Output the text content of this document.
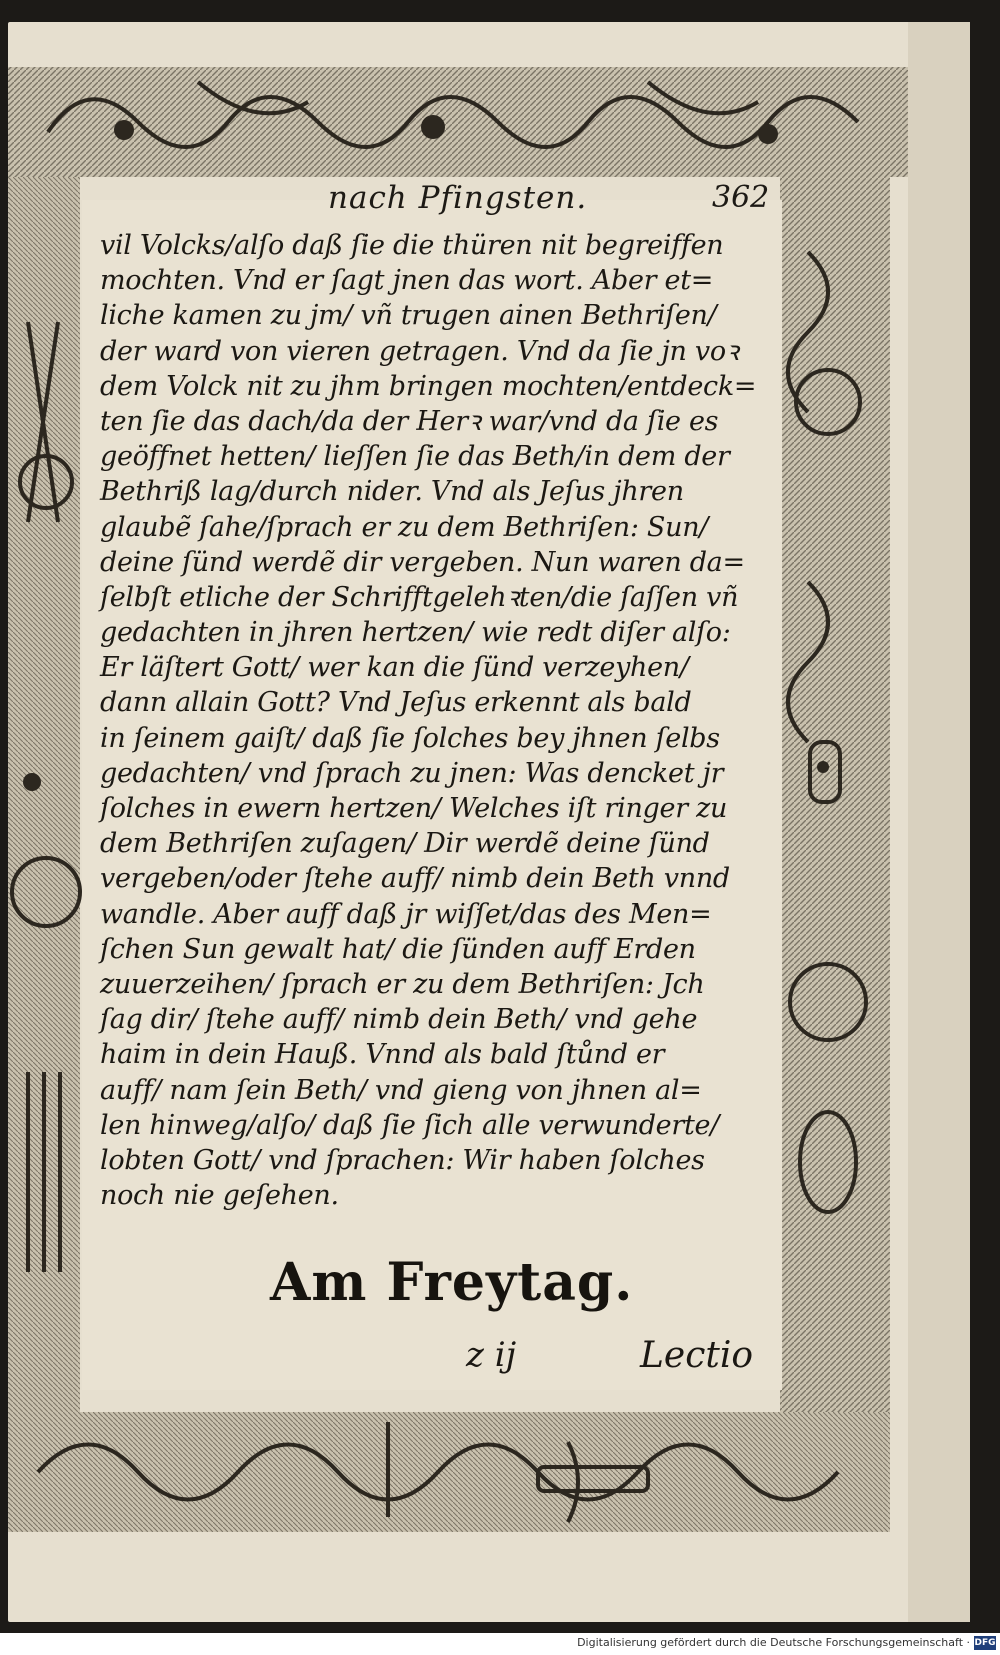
nach Pfingsten.	362
vil Volcks/alſo daß ſie die thüren nit begreiffen
mochten. Vnd er ſagt jnen das wort. Aber et=
liche kamen zu jm/ vñ trugen ainen Bethriſen/
der ward von vieren getragen. Vnd da ſie jn voꝛ
dem Volck nit zu jhm bringen mochten/entdeck=
ten ſie das dach/da der Herꝛ war/vnd da ſie es
geöffnet hetten/ lieſſen ſie das Beth/in dem der
Bethriß lag/durch nider. Vnd als Jeſus jhren
glaubẽ ſahe/ſprach er zu dem Bethriſen: Sun/
deine ſünd werdẽ dir vergeben. Nun waren da=
ſelbſt etliche der Schrifftgelehꝛten/die ſaſſen vñ
gedachten in jhren hertzen/ wie redt diſer alſo:
Er läſtert Gott/ wer kan die ſünd verzeyhen/
dann allain Gott? Vnd Jeſus erkennt als bald
in ſeinem gaiſt/ daß ſie ſolches bey jhnen ſelbs
gedachten/ vnd ſprach zu jnen: Was dencket jr
ſolches in ewern hertzen/ Welches iſt ringer zu
dem Bethriſen zuſagen/ Dir werdẽ deine ſünd
vergeben/oder ſtehe auff/ nimb dein Beth vnnd
wandle. Aber auff daß jr wiſſet/das des Men=
ſchen Sun gewalt hat/ die ſünden auff Erden
zuuerzeihen/ ſprach er zu dem Bethriſen: Jch
ſag dir/ ſtehe auff/ nimb dein Beth/ vnd gehe
haim in dein Hauß. Vnnd als bald ſtůnd er
auff/ nam ſein Beth/ vnd gieng von jhnen al=
len hinweg/alſo/ daß ſie ſich alle verwunderte/
lobten Gott/ vnd ſprachen: Wir haben ſolches
noch nie geſehen.
Am Freytag.
z ij	Lectio
Digitalisierung gefördert durch die Deutsche Forschungsgemeinschaft · DFG
